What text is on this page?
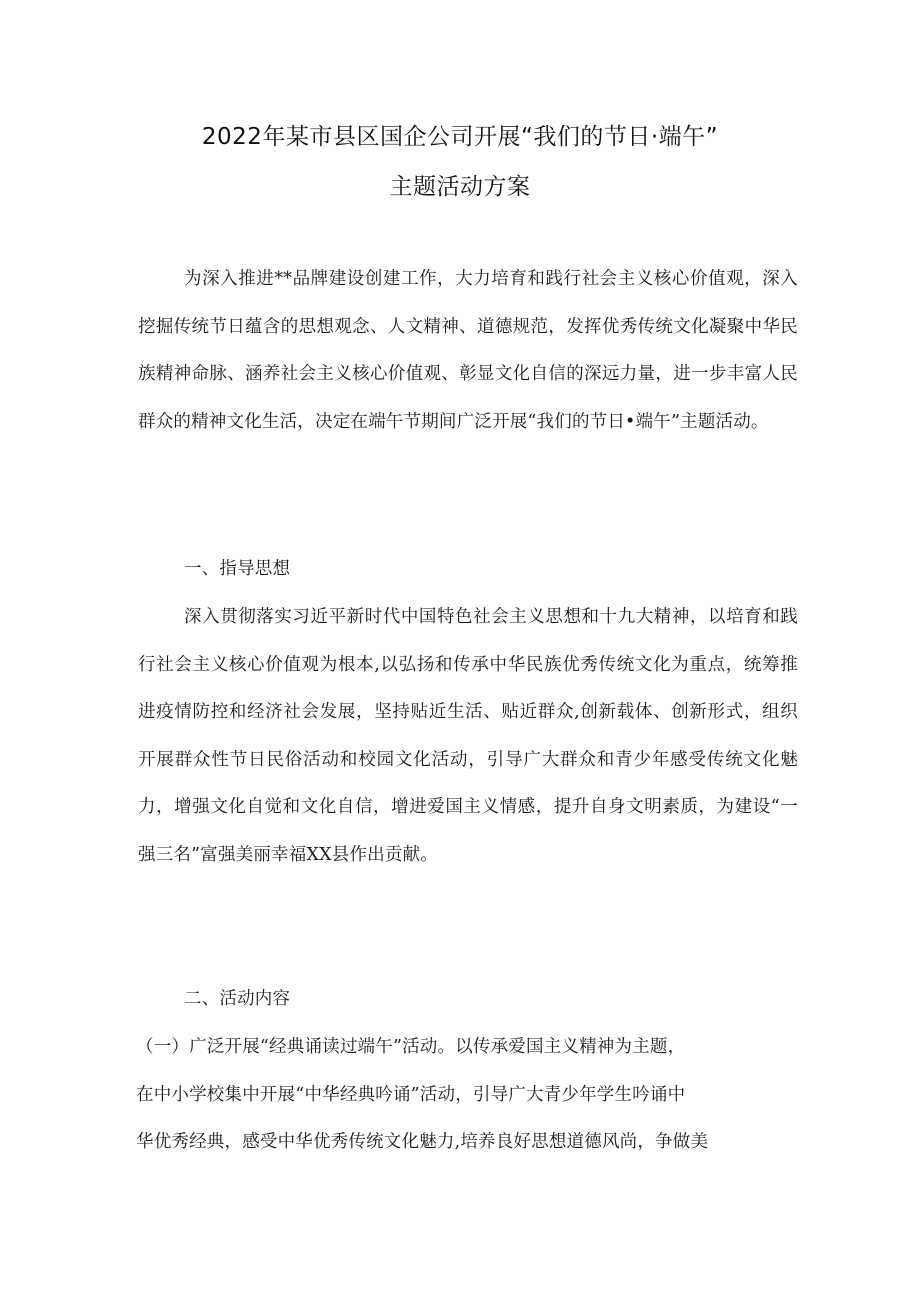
2022年某市县区国企公司开展“我们的节日·端午”
主题活动方案
为深入推进**品牌建设创建工作，大力培育和践行社会主义核心价值观，深入挖掘传统节日蕴含的思想观念、人文精神、道德规范，发挥优秀传统文化凝聚中华民族精神命脉、涵养社会主义核心价值观、彰显文化自信的深远力量，进一步丰富人民群众的精神文化生活，决定在端午节期间广泛开展“我们的节日•端午”主题活动。
一、指导思想
深入贯彻落实习近平新时代中国特色社会主义思想和十九大精神，以培育和践行社会主义核心价值观为根本,以弘扬和传承中华民族优秀传统文化为重点，统筹推进疫情防控和经济社会发展，坚持贴近生活、贴近群众,创新载体、创新形式，组织开展群众性节日民俗活动和校园文化活动，引导广大群众和青少年感受传统文化魅力，增强文化自觉和文化自信，增进爱国主义情感，提升自身文明素质，为建设“一强三名”富强美丽幸福XX县作出贡献。
二、活动内容
（一）广泛开展“经典诵读过端午”活动。以传承爱国主义精神为主题，
在中小学校集中开展“中华经典吟诵”活动，引导广大青少年学生吟诵中
华优秀经典，感受中华优秀传统文化魅力,培养良好思想道德风尚，争做美
